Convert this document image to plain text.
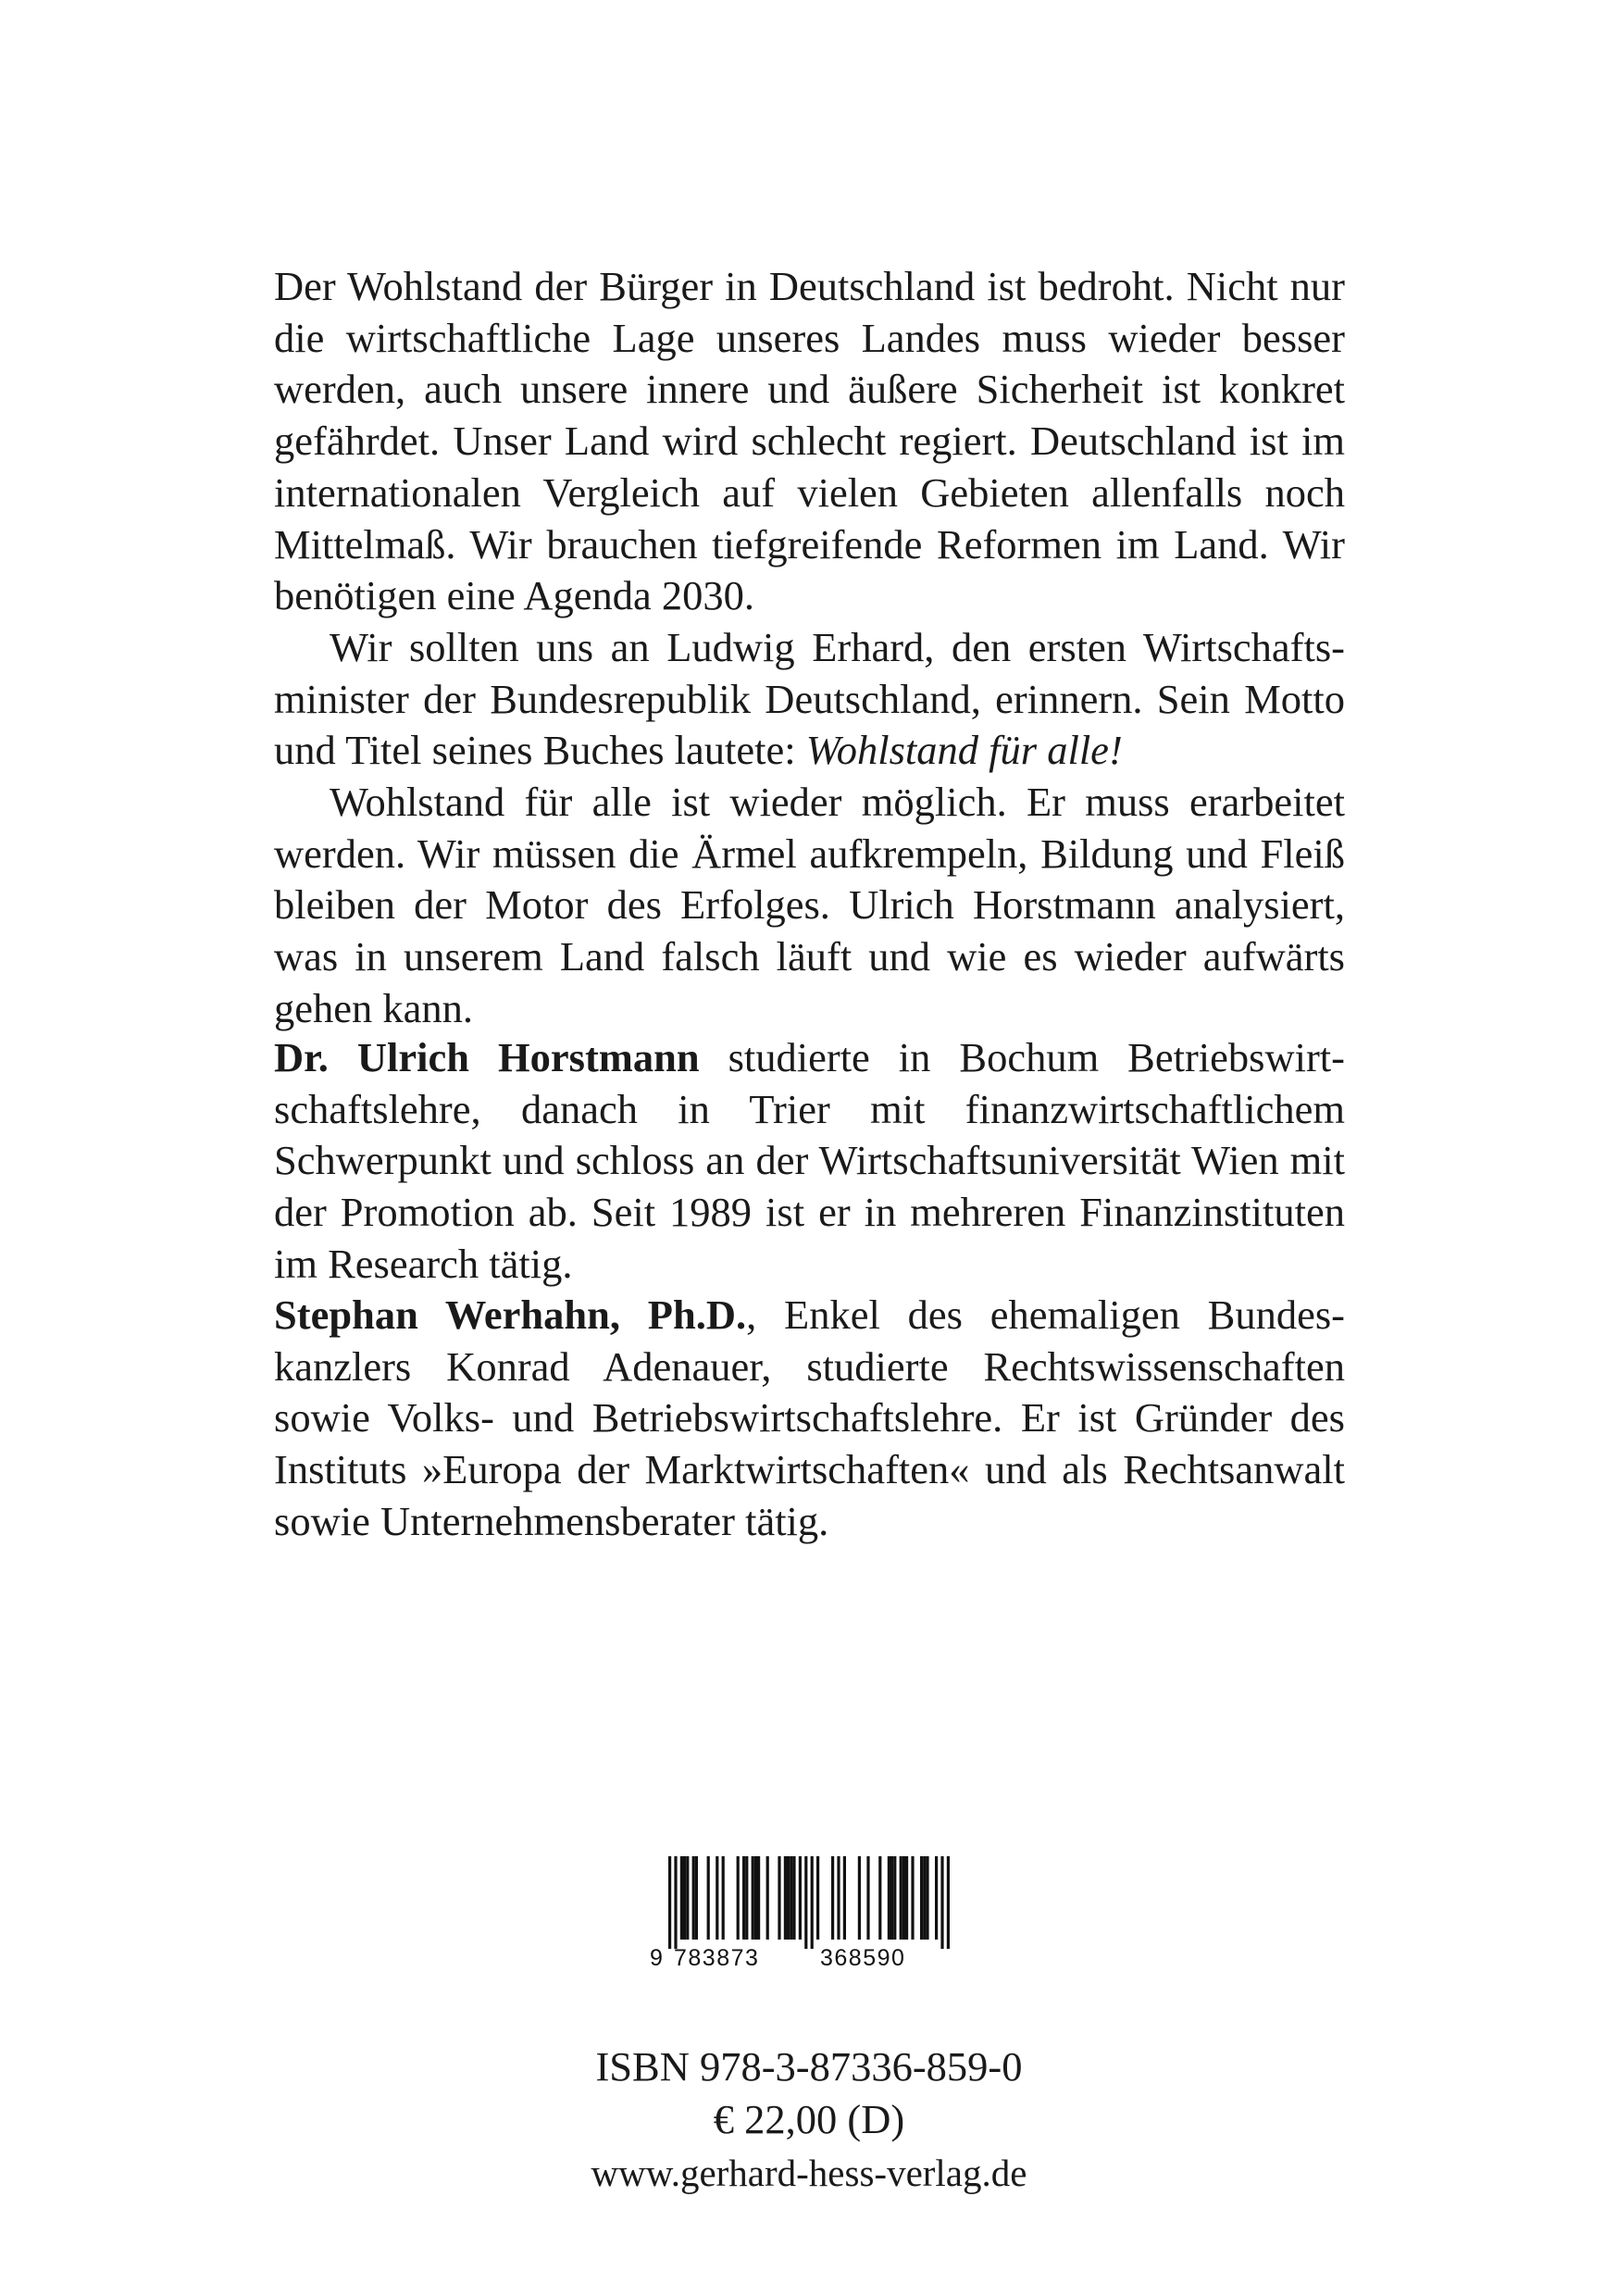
Der Wohlstand der Bürger in Deutschland ist bedroht. Nicht nur die wirtschaftliche Lage unseres Landes muss wieder besser werden, auch unsere innere und äußere Sicherheit ist konkret gefährdet. Unser Land wird schlecht regiert. Deutschland ist im internationalen Vergleich auf vielen Gebieten allenfalls noch Mittelmaß. Wir brauchen tiefgreifende Reformen im Land. Wir benötigen eine Agenda 2030.

Wir sollten uns an Ludwig Erhard, den ersten Wirtschaftsminister der Bundesrepublik Deutschland, erinnern. Sein Motto und Titel seines Buches lautete: Wohlstand für alle!

Wohlstand für alle ist wieder möglich. Er muss erarbeitet werden. Wir müssen die Ärmel aufkrempeln, Bildung und Fleiß bleiben der Motor des Erfolges. Ulrich Horstmann analysiert, was in unserem Land falsch läuft und wie es wieder aufwärts gehen kann.

Dr. Ulrich Horstmann studierte in Bochum Betriebswirtschaftslehre, danach in Trier mit finanzwirtschaftlichem Schwerpunkt und schloss an der Wirtschaftsuniversität Wien mit der Promotion ab. Seit 1989 ist er in mehreren Finanzinstituten im Research tätig.

Stephan Werhahn, Ph.D., Enkel des ehemaligen Bundeskanzlers Konrad Adenauer, studierte Rechtswissenschaften sowie Volks- und Betriebswirtschaftslehre. Er ist Gründer des Instituts »Europa der Marktwirtschaften« und als Rechtsanwalt sowie Unternehmensberater tätig.

9 783873	368590
ISBN 978-3-87336-859-0
€ 22,00 (D)
www.gerhard-hess-verlag.de
